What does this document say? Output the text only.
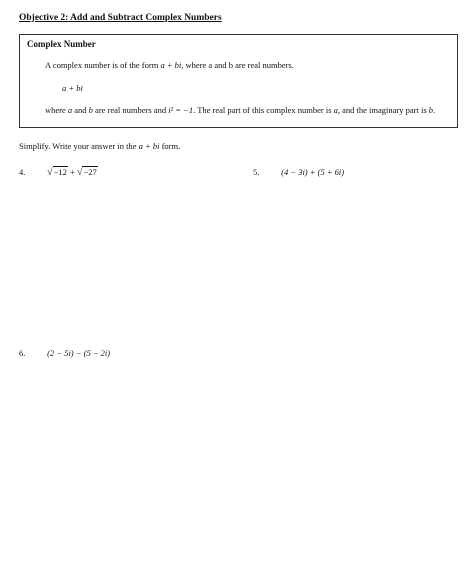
Objective 2: Add and Subtract Complex Numbers
Complex Number
A complex number is of the form a + bi, where a and b are real numbers.
a + bi
where a and b are real numbers and i² = −1. The real part of this complex number is a, and the imaginary part is b.
Simplify. Write your answer in the a + bi form.
4. √−12 + √−27	5.	(4 − 3i) + (5 + 6i)
6.	(2 − 5i) − (5 − 2i)
